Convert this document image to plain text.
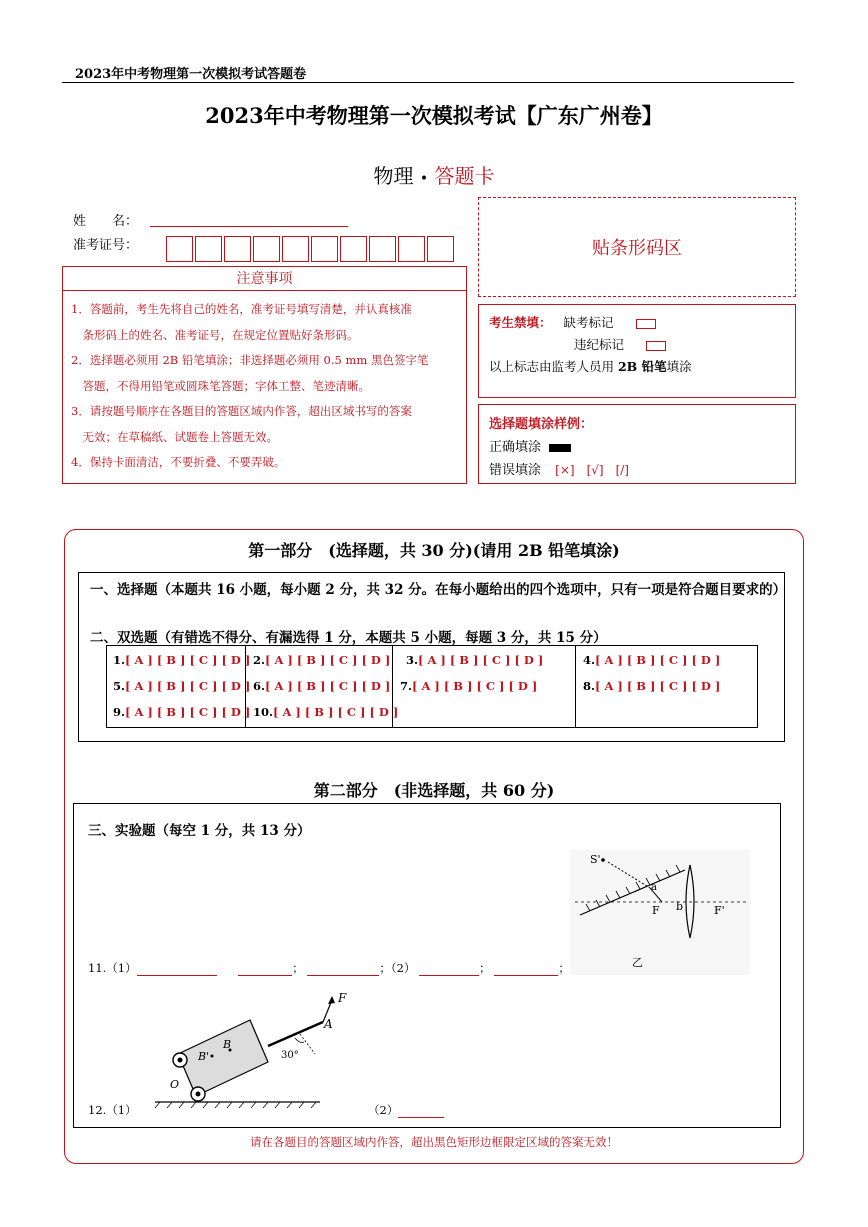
2023年中考物理第一次模拟考试答题卷
2023年中考物理第一次模拟考试【广东广州卷】
物理 • 答题卡
姓　　名：
准考证号：	贴条形码区
注意事项
1．答题前，考生先将自己的姓名，准考证号填写清楚，并认真核准
　条形码上的姓名、准考证号，在规定位置贴好条形码。
2．选择题必须用 2B 铅笔填涂；非选择题必须用 0.5 mm 黑色签字笔
　答题，不得用铅笔或圆珠笔答题；字体工整、笔迹清晰。
3．请按题号顺序在各题目的答题区域内作答，超出区域书写的答案
　无效；在草稿纸、试题卷上答题无效。
4．保持卡面清洁，不要折叠、不要弄破。
考生禁填： 缺考标记
违纪标记
以上标志由监考人员用 2B 铅笔填涂
选择题填涂样例：
正确填涂
错误填涂 [×]　[√]　[/]
第一部分　(选择题，共 30 分)(请用 2B 铅笔填涂)
一、选择题（本题共 16 小题，每小题 2 分，共 32 分。在每小题给出的四个选项中，只有一项是符合题目要求的）
二、双选题（有错选不得分、有漏选得 1 分，本题共 5 小题，每题 3 分，共 15 分）
1.[ A ] [ B ] [ C ] [ D ] 2.[ A ] [ B ] [ C ] [ D ] 3.[ A ] [ B ] [ C ] [ D ]	4.[ A ] [ B ] [ C ] [ D ]
5.[ A ] [ B ] [ C ] [ D ] 6.[ A ] [ B ] [ C ] [ D ] 7.[ A ] [ B ] [ C ] [ D ]	8.[ A ] [ B ] [ C ] [ D ]
9.[ A ] [ B ] [ C ] [ D ] 10.[ A ] [ B ] [ C ] [ D ]
第二部分　(非选择题，共 60 分)
三、实验题（每空 1 分，共 13 分）
S'
a
F b	F'
乙
11.（1）	；	；（2）	；	；
F
A
B'
B
O
30°
12.（1）	（2）
请在各题目的答题区域内作答，超出黑色矩形边框限定区域的答案无效！
